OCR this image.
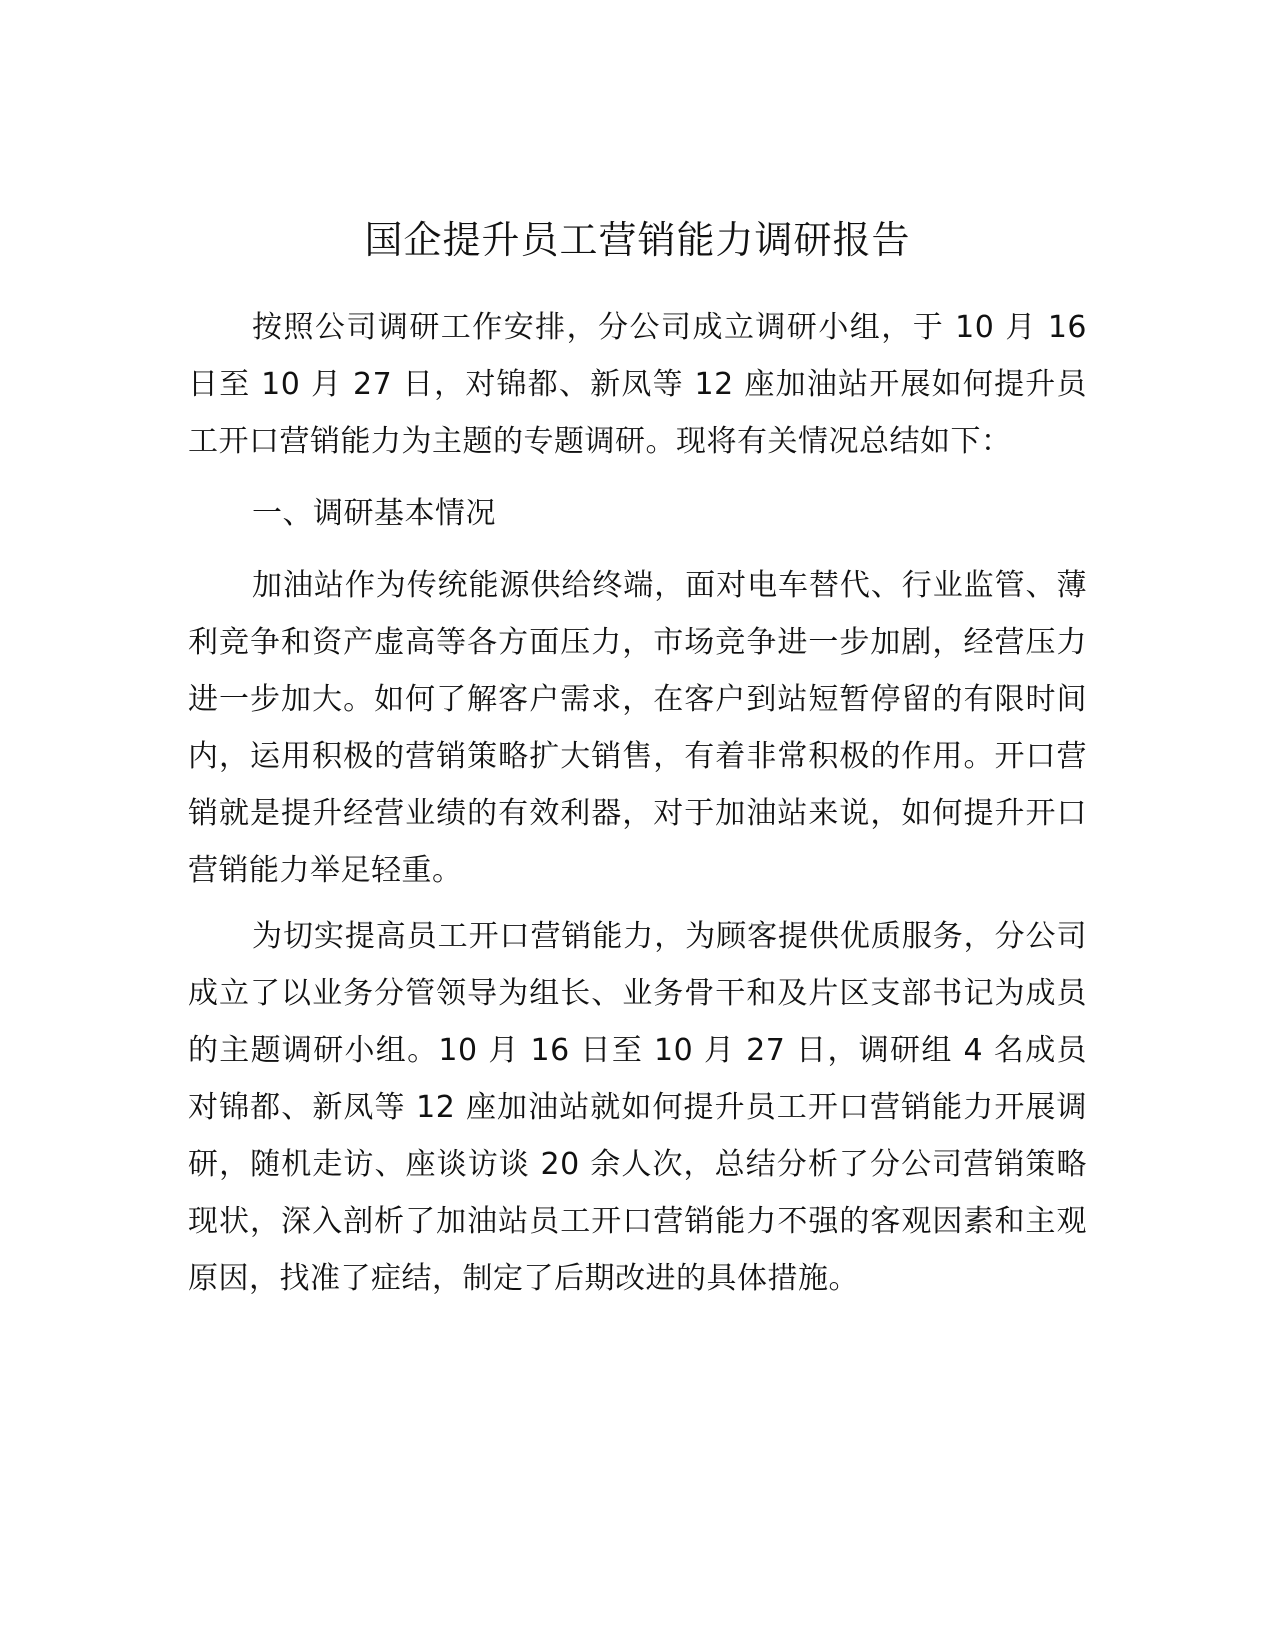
国企提升员工营销能力调研报告

按照公司调研工作安排，分公司成立调研小组，于 10 月 16 日至 10 月 27 日，对锦都、新凤等 12 座加油站开展如何提升员工开口营销能力为主题的专题调研。现将有关情况总结如下：

一、调研基本情况

加油站作为传统能源供给终端，面对电车替代、行业监管、薄利竞争和资产虚高等各方面压力，市场竞争进一步加剧，经营压力进一步加大。如何了解客户需求，在客户到站短暂停留的有限时间内，运用积极的营销策略扩大销售，有着非常积极的作用。开口营销就是提升经营业绩的有效利器，对于加油站来说，如何提升开口营销能力举足轻重。

为切实提高员工开口营销能力，为顾客提供优质服务，分公司成立了以业务分管领导为组长、业务骨干和及片区支部书记为成员的主题调研小组。10 月 16 日至 10 月 27 日，调研组 4 名成员对锦都、新凤等 12 座加油站就如何提升员工开口营销能力开展调研，随机走访、座谈访谈 20 余人次，总结分析了分公司营销策略现状，深入剖析了加油站员工开口营销能力不强的客观因素和主观原因，找准了症结，制定了后期改进的具体措施。
